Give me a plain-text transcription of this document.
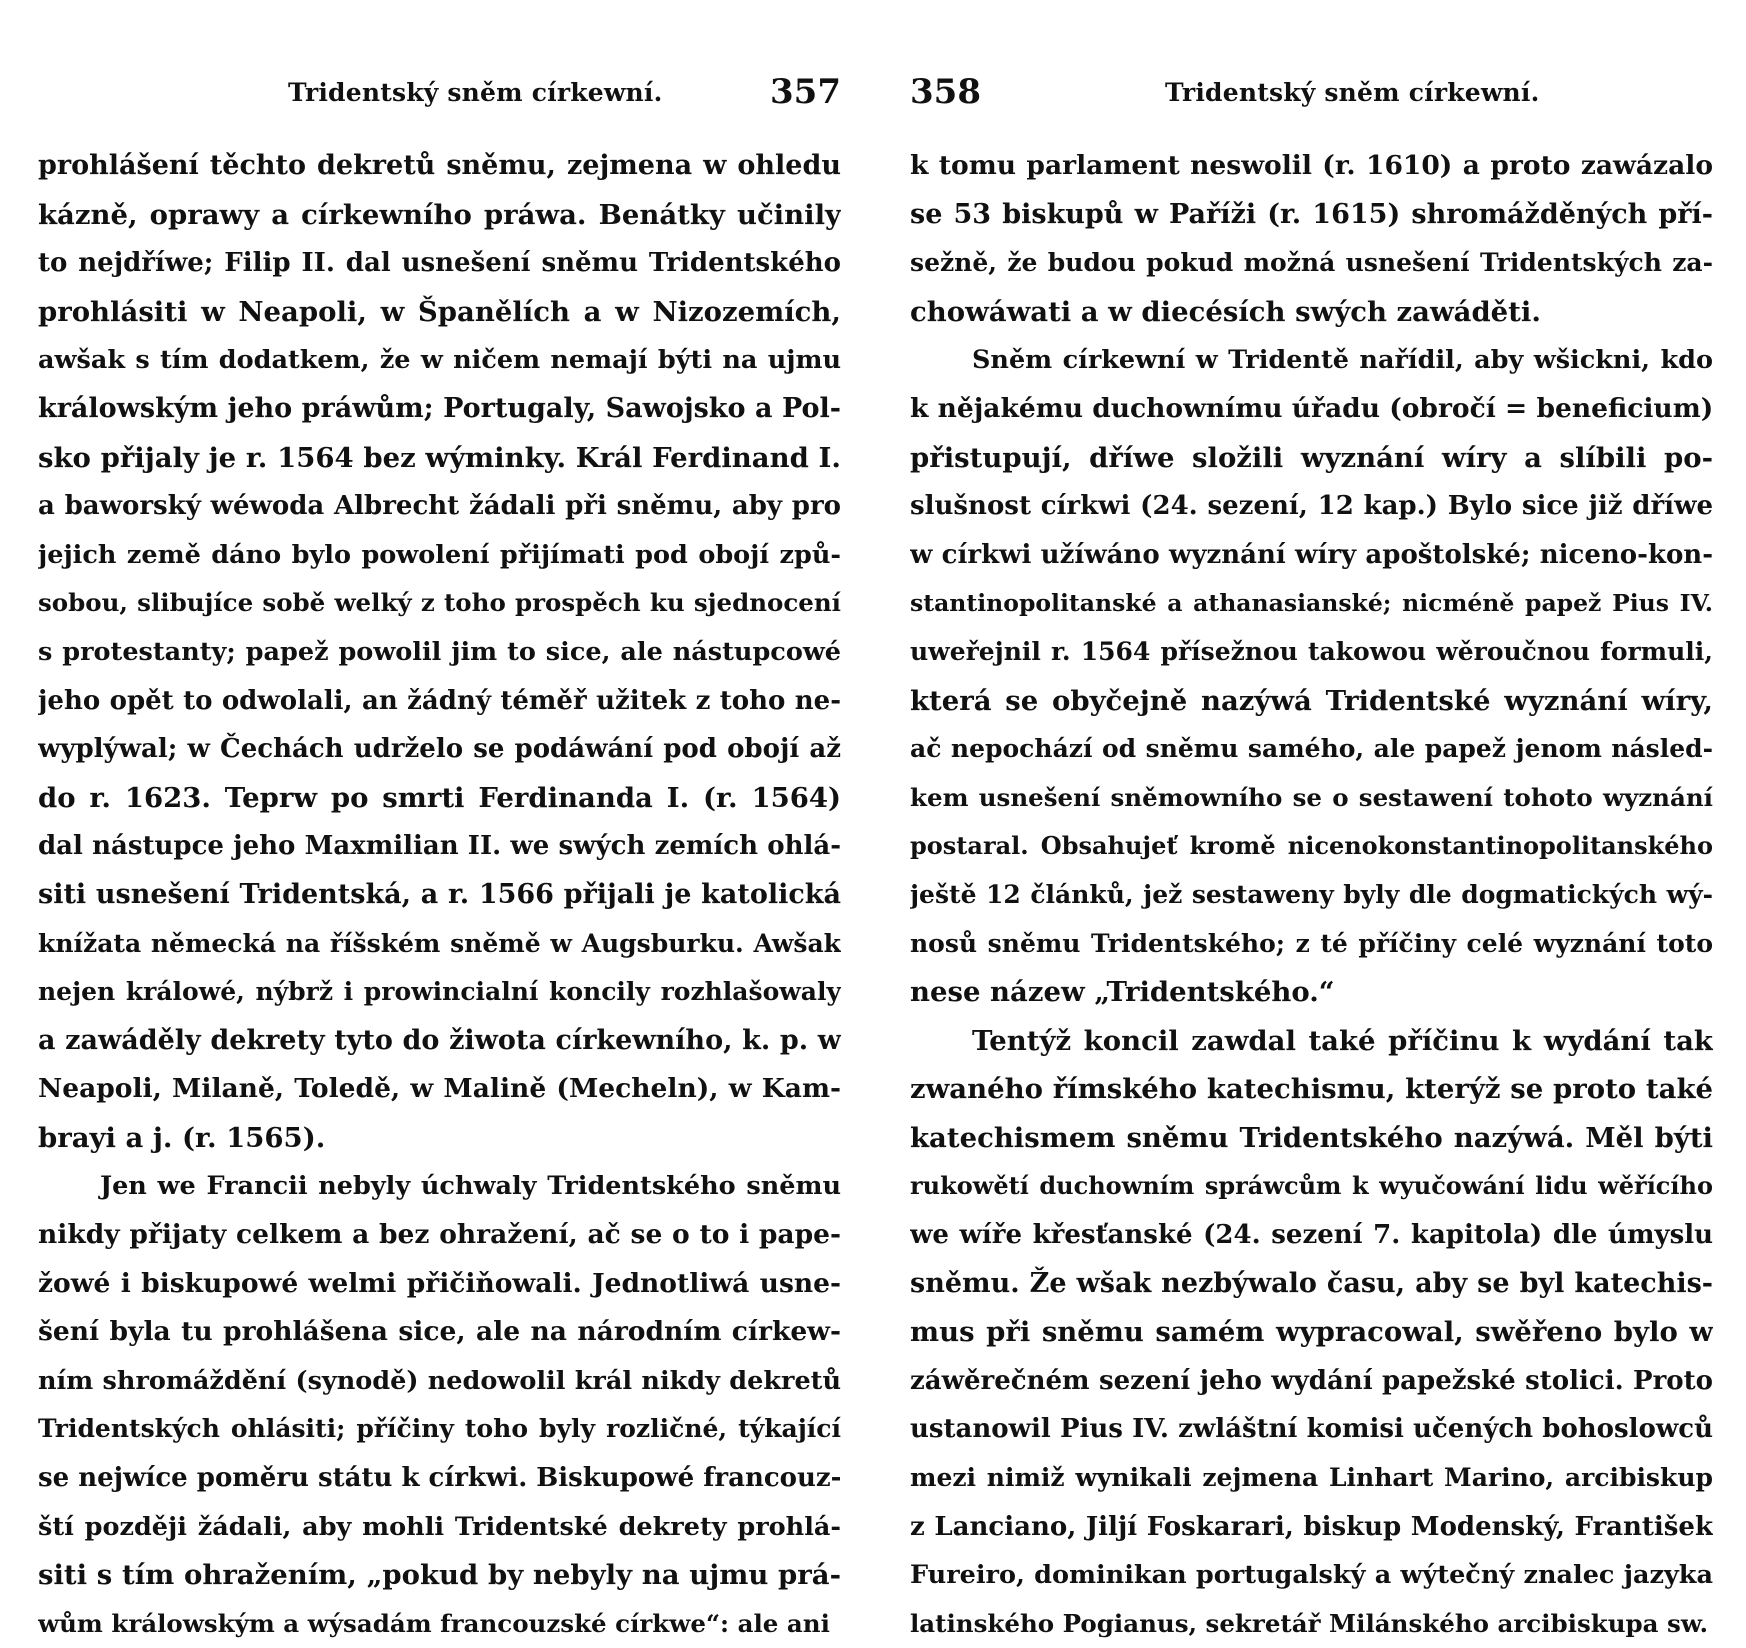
Tridentský sněm církewní.	357
prohlášení těchto dekretů sněmu, zejmena w ohledu
kázně, oprawy a církewního práwa. Benátky učinily
to nejdříwe; Filip II. dal usnešení sněmu Tridentského
prohlásiti w Neapoli, w Španělích a w Nizozemích,
awšak s tím dodatkem, že w ničem nemají býti na ujmu
králowským jeho práwům; Portugaly, Sawojsko a Pol-
sko přijaly je r. 1564 bez wýminky. Král Ferdinand I.
a baworský wéwoda Albrecht žádali při sněmu, aby pro
jejich země dáno bylo powolení přijímati pod obojí způ-
sobou, slibujíce sobě welký z toho prospěch ku sjednocení
s protestanty; papež powolil jim to sice, ale nástupcowé
jeho opět to odwolali, an žádný téměř užitek z toho ne-
wyplýwal; w Čechách udrželo se podáwání pod obojí až
do r. 1623. Teprw po smrti Ferdinanda I. (r. 1564)
dal nástupce jeho Maxmilian II. we swých zemích ohlá-
siti usnešení Tridentská, a r. 1566 přijali je katolická
knížata německá na říšském sněmě w Augsburku. Awšak
nejen králowé, nýbrž i prowincialní koncily rozhlašowaly
a zawáděly dekrety tyto do žiwota církewního, k. p. w
Neapoli, Milaně, Toledě, w Malině (Mecheln), w Kam-
brayi a j. (r. 1565).
Jen we Francii nebyly úchwaly Tridentského sněmu
nikdy přijaty celkem a bez ohražení, ač se o to i pape-
žowé i biskupowé welmi přičiňowali. Jednotliwá usne-
šení byla tu prohlášena sice, ale na národním církew-
ním shromáždění (synodě) nedowolil král nikdy dekretů
Tridentských ohlásiti; příčiny toho byly rozličné, týkající
se nejwíce poměru státu k církwi. Biskupowé francouz-
ští později žádali, aby mohli Tridentské dekrety prohlá-
siti s tím ohražením, „pokud by nebyly na ujmu prá-
wům králowským a wýsadám francouzské církwe“: ale ani
358	Tridentský sněm církewní.
k tomu parlament neswolil (r. 1610) a proto zawázalo
se 53 biskupů w Paříži (r. 1615) shromážděných pří-
sežně, že budou pokud možná usnešení Tridentských za-
chowáwati a w diecésích swých zawáděti.
Sněm církewní w Tridentě nařídil, aby wšickni, kdo
k nějakému duchownímu úřadu (obročí = beneficium)
přistupují, dříwe složili wyznání wíry a slíbili po-
slušnost církwi (24. sezení, 12 kap.) Bylo sice již dříwe
w církwi užíwáno wyznání wíry apoštolské; niceno-kon-
stantinopolitanské a athanasianské; nicméně papež Pius IV.
uweřejnil r. 1564 přísežnou takowou wěroučnou formuli,
která se obyčejně nazýwá Tridentské wyznání wíry,
ač nepochází od sněmu samého, ale papež jenom násled-
kem usnešení sněmowního se o sestawení tohoto wyznání
postaral. Obsahujeť kromě nicenokonstantinopolitanského
ještě 12 článků, jež sestaweny byly dle dogmatických wý-
nosů sněmu Tridentského; z té příčiny celé wyznání toto
nese názew „Tridentského.“
Tentýž koncil zawdal také příčinu k wydání tak
zwaného římského katechismu, kterýž se proto také
katechismem sněmu Tridentského nazýwá. Měl býti
rukowětí duchowním spráwcům k wyučowání lidu wěřícího
we wíře křesťanské (24. sezení 7. kapitola) dle úmyslu
sněmu. Že wšak nezbýwalo času, aby se byl katechis-
mus při sněmu samém wypracowal, swěřeno bylo w
záwěrečném sezení jeho wydání papežské stolici. Proto
ustanowil Pius IV. zwláštní komisi učených bohoslowců
mezi nimiž wynikali zejmena Linhart Marino, arcibiskup
z Lanciano, Jiljí Foskarari, biskup Modenský, František
Fureiro, dominikan portugalský a wýtečný znalec jazyka
latinského Pogianus, sekretář Milánského arcibiskupa sw.
